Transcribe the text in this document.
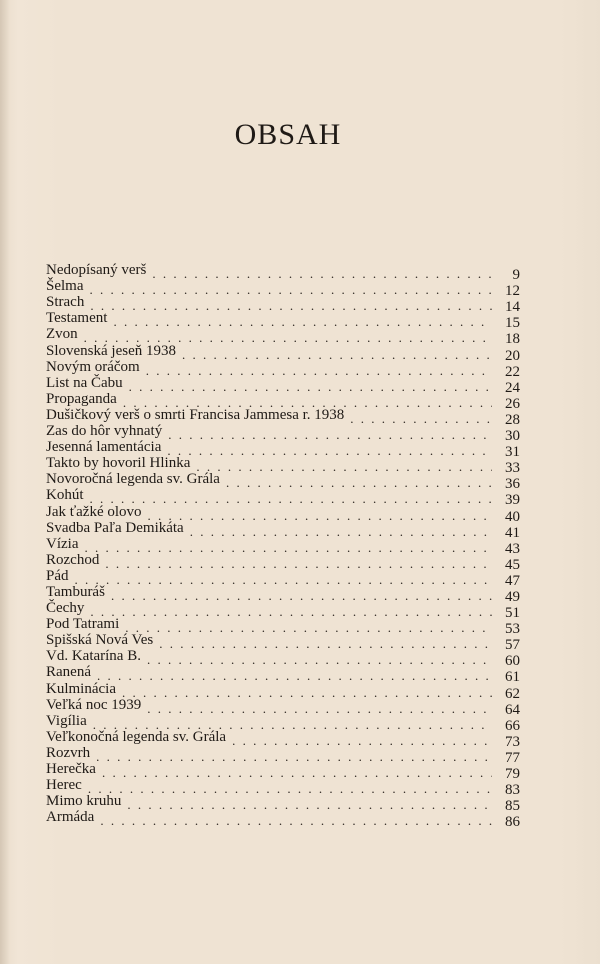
OBSAH
Nedopísaný verš . . .	9
Šelma . . .	12
Strach . . .	14
Testament . . .	15
Zvon . . .	18
Slovenská jeseň 1938 . . .	20
Novým oráčom . . .	22
List na Čabu . . .	24
Propaganda . . .	26
Dušičkový verš o smrti Francisa Jammesa r. 1938 . . .	28
Zas do hôr vyhnatý . . .	30
Jesenná lamentácia . . .	31
Takto by hovoril Hlinka . . .	33
Novoročná legenda sv. Grála . . .	36
Kohút . . .	39
Jak ťažké olovo . . .	40
Svadba Paľa Demikáta . . .	41
Vízia . . .	43
Rozchod . . .	45
Pád . . .	47
Tamburáš . . .	49
Čechy . . .	51
Pod Tatrami . . .	53
Spišská Nová Ves . . .	57
Vd. Katarína B. . . .	60
Ranená . . .	61
Kulminácia . . .	62
Veľká noc 1939 . . .	64
Vigília . . .	66
Veľkonočná legenda sv. Grála . . .	73
Rozvrh . . .	77
Herečka . . .	79
Herec . . .	83
Mimo kruhu . . .	85
Armáda . . .	86
